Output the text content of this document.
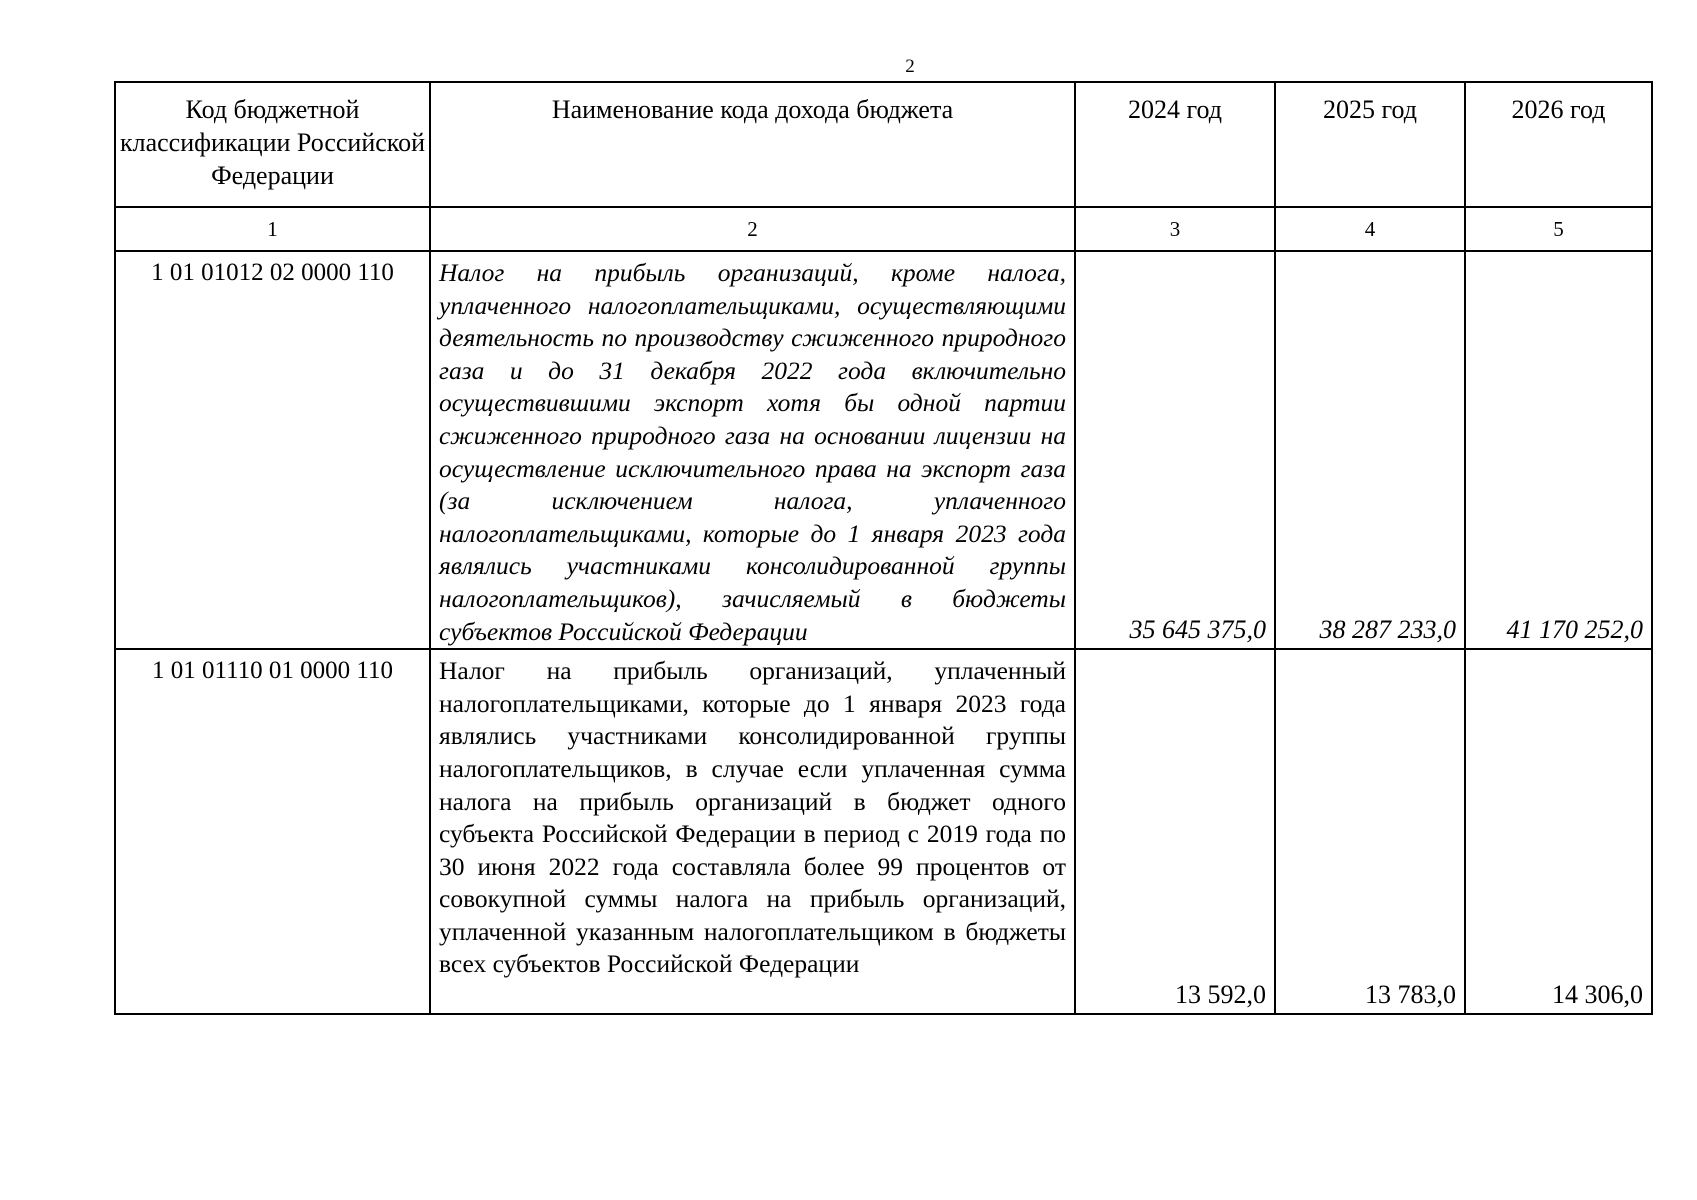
2
Код бюджетной классификации Российской Федерации	Наименование кода дохода бюджета	2024 год	2025 год	2026 год
1	2	3	4	5
1 01 01012 02 0000 110	Налог на прибыль организаций, кроме налога, уплаченного налогоплательщиками, осуществляющими деятельность по производству сжиженного природного газа и до 31 декабря 2022 года включительно осуществившими экспорт хотя бы одной партии сжиженного природного газа на основании лицензии на осуществление исключительного права на экспорт газа (за исключением налога, уплаченного налогоплательщиками, которые до 1 января 2023 года являлись участниками консолидированной группы налогоплательщиков), зачисляемый в бюджеты субъектов Российской Федерации	35 645 375,0	38 287 233,0	41 170 252,0
1 01 01110 01 0000 110	Налог на прибыль организаций, уплаченный налогоплательщиками, которые до 1 января 2023 года являлись участниками консолидированной группы налогоплательщиков, в случае если уплаченная сумма налога на прибыль организаций в бюджет одного субъекта Российской Федерации в период с 2019 года по 30 июня 2022 года составляла более 99 процентов от совокупной суммы налога на прибыль организаций, уплаченной указанным налогоплательщиком в бюджеты всех субъектов Российской Федерации	13 592,0	13 783,0	14 306,0
